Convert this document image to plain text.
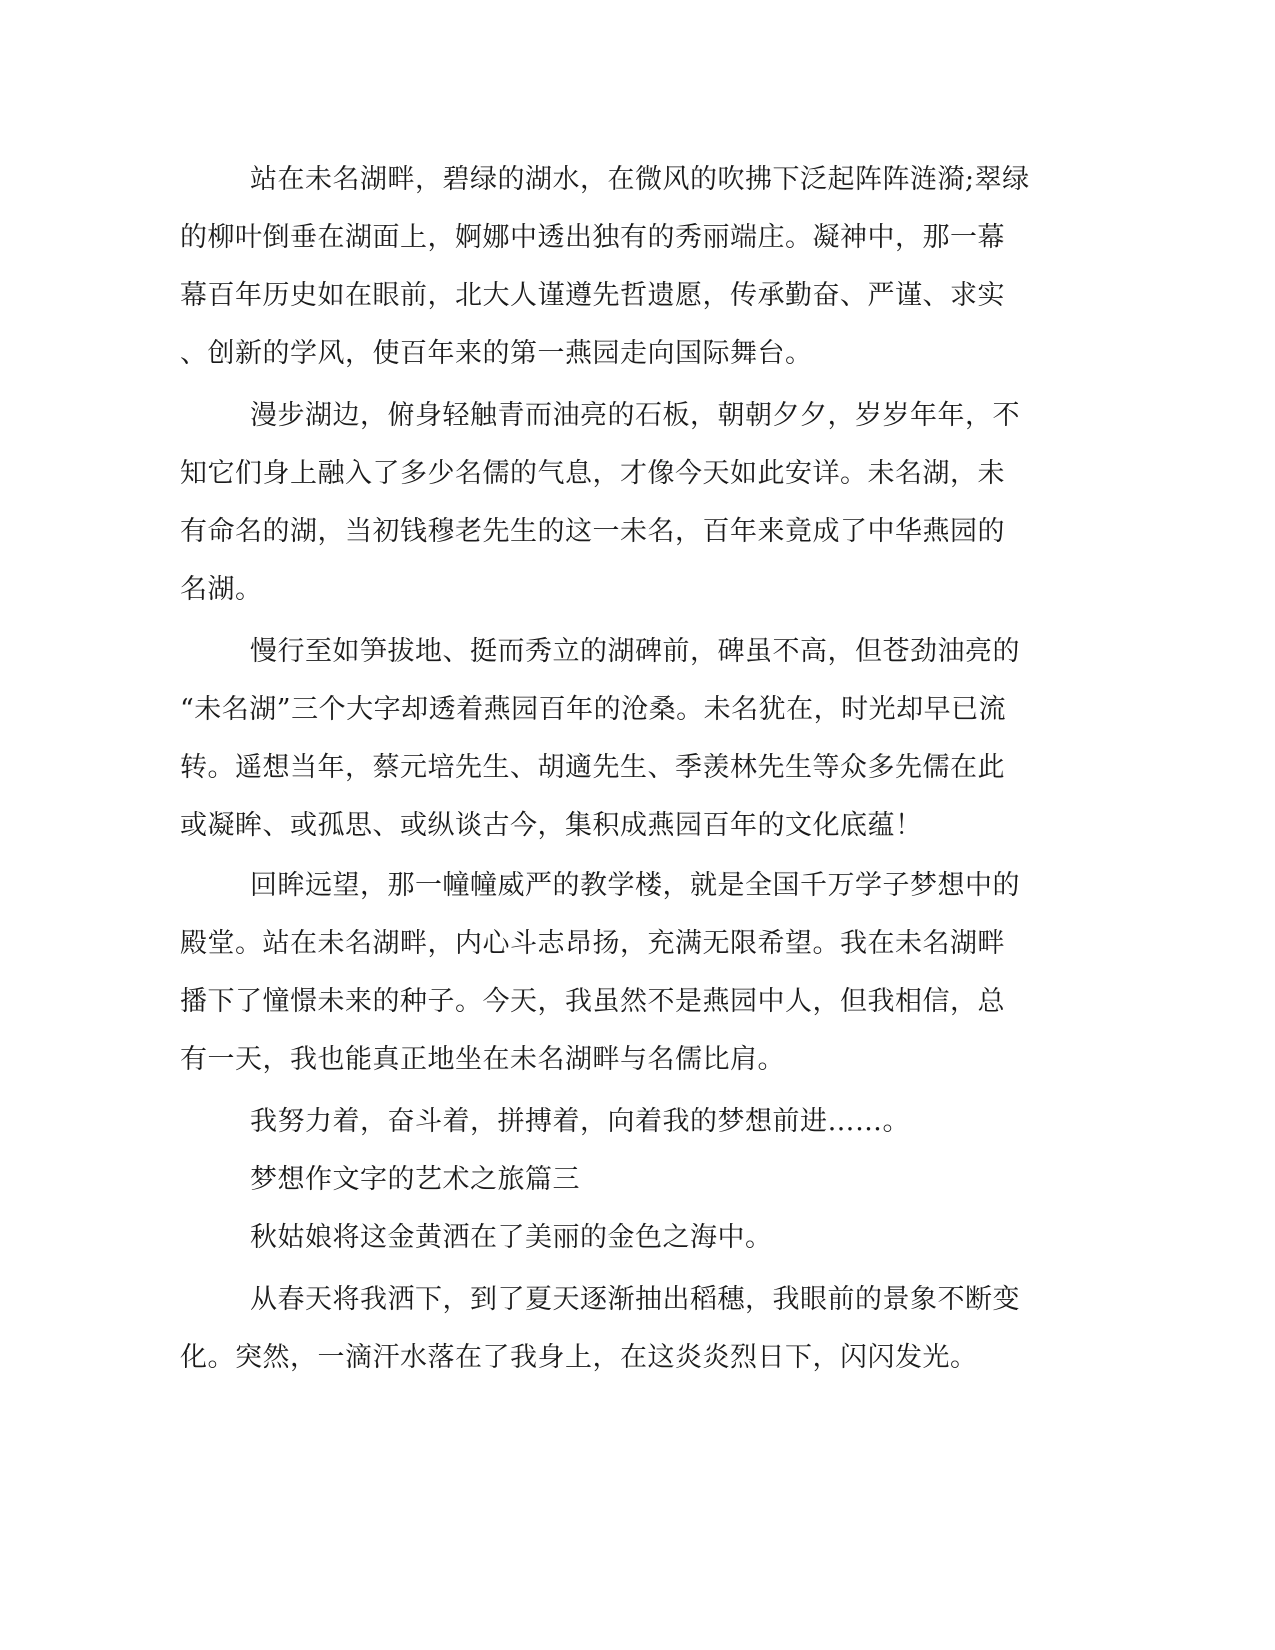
站在未名湖畔，碧绿的湖水，在微风的吹拂下泛起阵阵涟漪;翠绿
的柳叶倒垂在湖面上，婀娜中透出独有的秀丽端庄。凝神中，那一幕
幕百年历史如在眼前，北大人谨遵先哲遗愿，传承勤奋、严谨、求实
、创新的学风，使百年来的第一燕园走向国际舞台。
漫步湖边，俯身轻触青而油亮的石板，朝朝夕夕，岁岁年年，不
知它们身上融入了多少名儒的气息，才像今天如此安详。未名湖，未
有命名的湖，当初钱穆老先生的这一未名，百年来竟成了中华燕园的
名湖。
慢行至如笋拔地、挺而秀立的湖碑前，碑虽不高，但苍劲油亮的
“未名湖”三个大字却透着燕园百年的沧桑。未名犹在，时光却早已流
转。遥想当年，蔡元培先生、胡適先生、季羡林先生等众多先儒在此
或凝眸、或孤思、或纵谈古今，集积成燕园百年的文化底蕴！
回眸远望，那一幢幢威严的教学楼，就是全国千万学子梦想中的
殿堂。站在未名湖畔，内心斗志昂扬，充满无限希望。我在未名湖畔
播下了憧憬未来的种子。今天，我虽然不是燕园中人，但我相信，总
有一天，我也能真正地坐在未名湖畔与名儒比肩。
我努力着，奋斗着，拼搏着，向着我的梦想前进……。
梦想作文字的艺术之旅篇三
秋姑娘将这金黄洒在了美丽的金色之海中。
从春天将我洒下，到了夏天逐渐抽出稻穗，我眼前的景象不断变
化。突然，一滴汗水落在了我身上，在这炎炎烈日下，闪闪发光。
